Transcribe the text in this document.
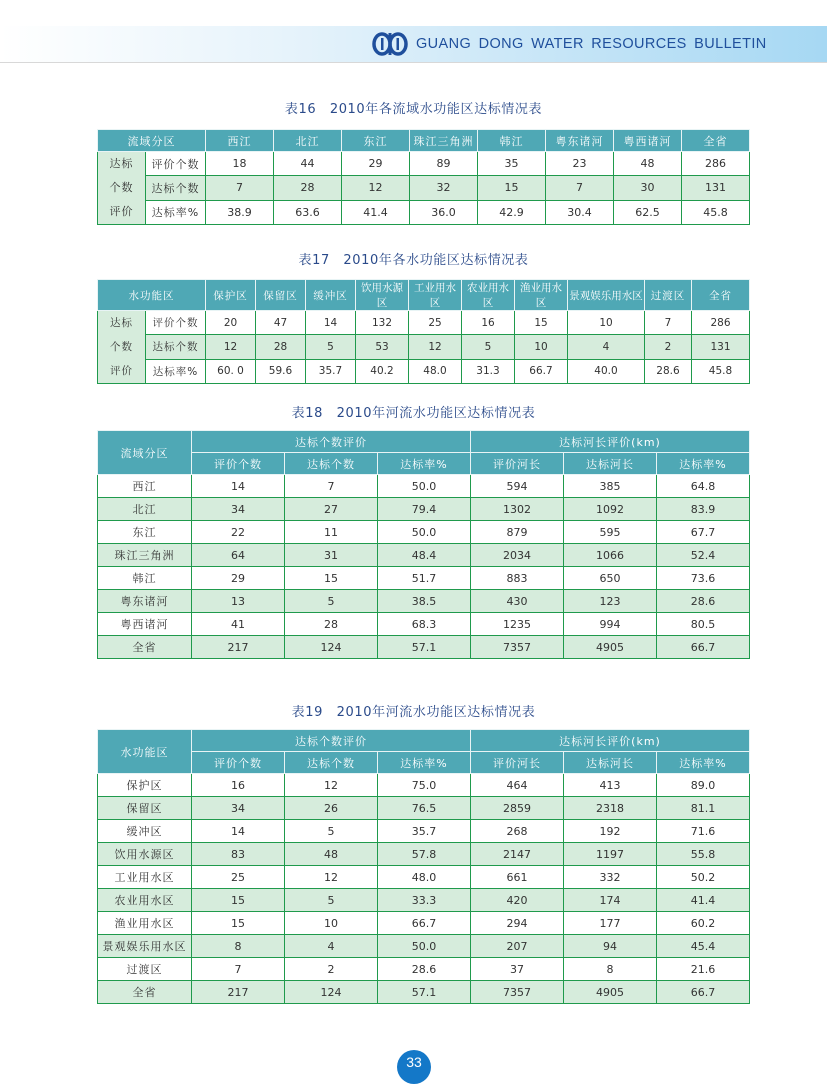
GUANG DONG WATER RESOURCES BULLETIN
表16　2010年各流域水功能区达标情况表
流域分区		西江	北江	东江	珠江三角洲	韩江	粤东诸河	粤西诸河	全省
达标
个数
评价	评价个数	18	44	29	89	35	23	48	286
	达标个数	7	28	12	32	15	7	30	131
	达标率%	38.9	63.6	41.4	36.0	42.9	30.4	62.5	45.8
表17　2010年各水功能区达标情况表
水功能区		保护区	保留区	缓冲区	饮用水源区	工业用水区	农业用水区	渔业用水区	景观娱乐用水区	过渡区	全省
达标
个数
评价	评价个数	20	47	14	132	25	16	15	10	7	286
	达标个数	12	28	5	53	12	5	10	4	2	131
	达标率%	60. 0	59.6	35.7	40.2	48.0	31.3	66.7	40.0	28.6	45.8
表18　2010年河流水功能区达标情况表
流域分区	达标个数评价			达标河长评价(km)		
	评价个数	达标个数	达标率%	评价河长	达标河长	达标率%
西江	14	7	50.0	594	385	64.8
北江	34	27	79.4	1302	1092	83.9
东江	22	11	50.0	879	595	67.7
珠江三角洲	64	31	48.4	2034	1066	52.4
韩江	29	15	51.7	883	650	73.6
粤东诸河	13	5	38.5	430	123	28.6
粤西诸河	41	28	68.3	1235	994	80.5
全省	217	124	57.1	7357	4905	66.7
表19　2010年河流水功能区达标情况表
水功能区	达标个数评价			达标河长评价(km)		
	评价个数	达标个数	达标率%	评价河长	达标河长	达标率%
保护区	16	12	75.0	464	413	89.0
保留区	34	26	76.5	2859	2318	81.1
缓冲区	14	5	35.7	268	192	71.6
饮用水源区	83	48	57.8	2147	1197	55.8
工业用水区	25	12	48.0	661	332	50.2
农业用水区	15	5	33.3	420	174	41.4
渔业用水区	15	10	66.7	294	177	60.2
景观娱乐用水区	8	4	50.0	207	94	45.4
过渡区	7	2	28.6	37	8	21.6
全省	217	124	57.1	7357	4905	66.7
33
